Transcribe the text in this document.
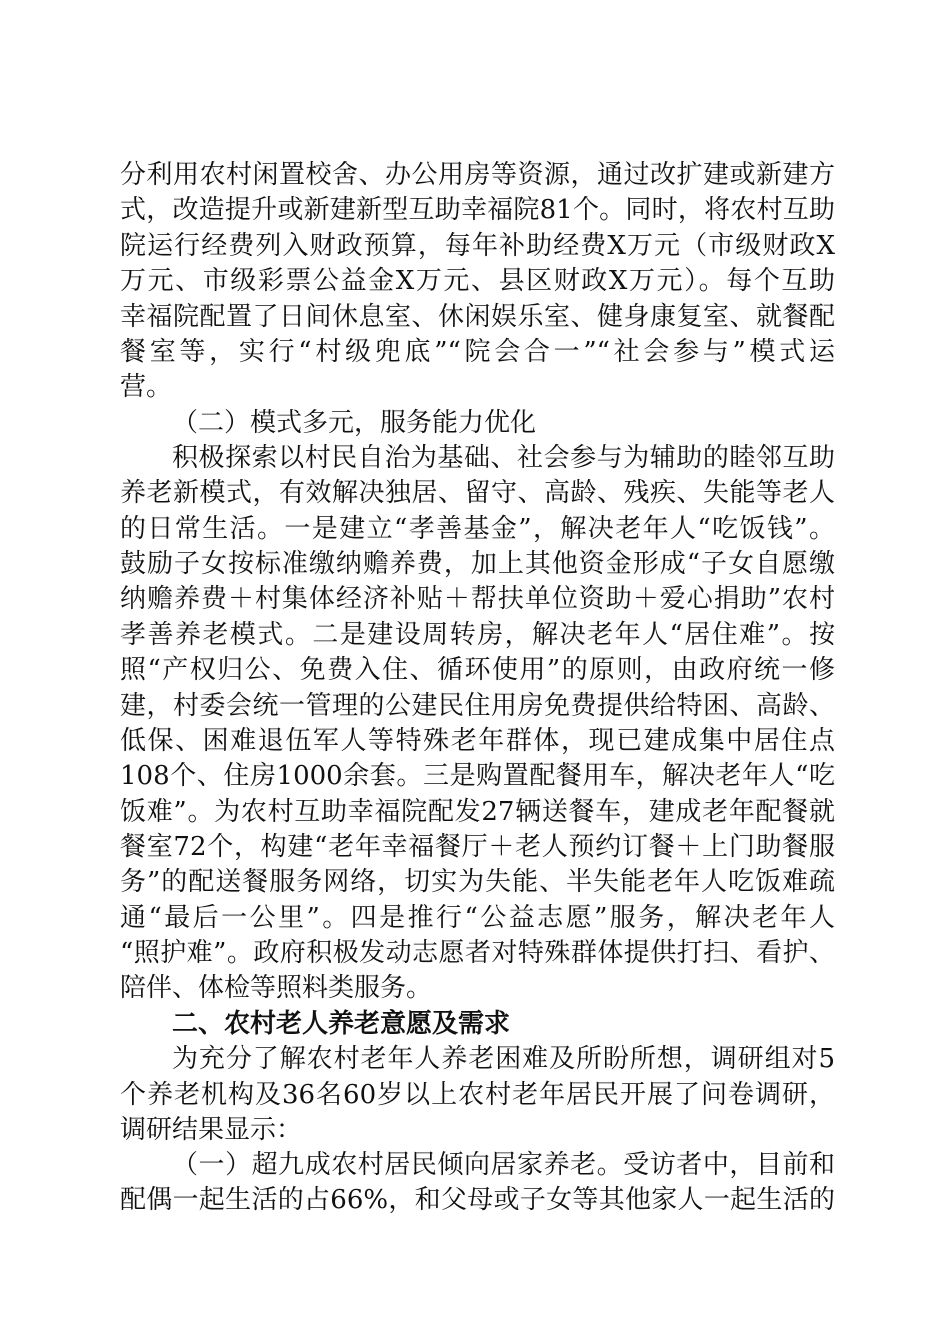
分利用农村闲置校舍、办公用房等资源，通过改扩建或新建方
式，改造提升或新建新型互助幸福院81个。同时，将农村互助
院运行经费列入财政预算，每年补助经费X万元（市级财政X
万元、市级彩票公益金X万元、县区财政X万元）。每个互助
幸福院配置了日间休息室、休闲娱乐室、健身康复室、就餐配
餐室等，实行“村级兜底”“院会合一”“社会参与”模式运
营。
（二）模式多元，服务能力优化
积极探索以村民自治为基础、社会参与为辅助的睦邻互助
养老新模式，有效解决独居、留守、高龄、残疾、失能等老人
的日常生活。一是建立“孝善基金”，解决老年人“吃饭钱”。
鼓励子女按标准缴纳赡养费，加上其他资金形成“子女自愿缴
纳赡养费＋村集体经济补贴＋帮扶单位资助＋爱心捐助”农村
孝善养老模式。二是建设周转房，解决老年人“居住难”。按
照“产权归公、免费入住、循环使用”的原则，由政府统一修
建，村委会统一管理的公建民住用房免费提供给特困、高龄、
低保、困难退伍军人等特殊老年群体，现已建成集中居住点
108个、住房1000余套。三是购置配餐用车，解决老年人“吃
饭难”。为农村互助幸福院配发27辆送餐车，建成老年配餐就
餐室72个，构建“老年幸福餐厅＋老人预约订餐＋上门助餐服
务”的配送餐服务网络，切实为失能、半失能老年人吃饭难疏
通“最后一公里”。四是推行“公益志愿”服务，解决老年人
“照护难”。政府积极发动志愿者对特殊群体提供打扫、看护、
陪伴、体检等照料类服务。
二、农村老人养老意愿及需求
为充分了解农村老年人养老困难及所盼所想，调研组对5
个养老机构及36名60岁以上农村老年居民开展了问卷调研，
调研结果显示：
（一）超九成农村居民倾向居家养老。受访者中，目前和
配偶一起生活的占66%，和父母或子女等其他家人一起生活的
